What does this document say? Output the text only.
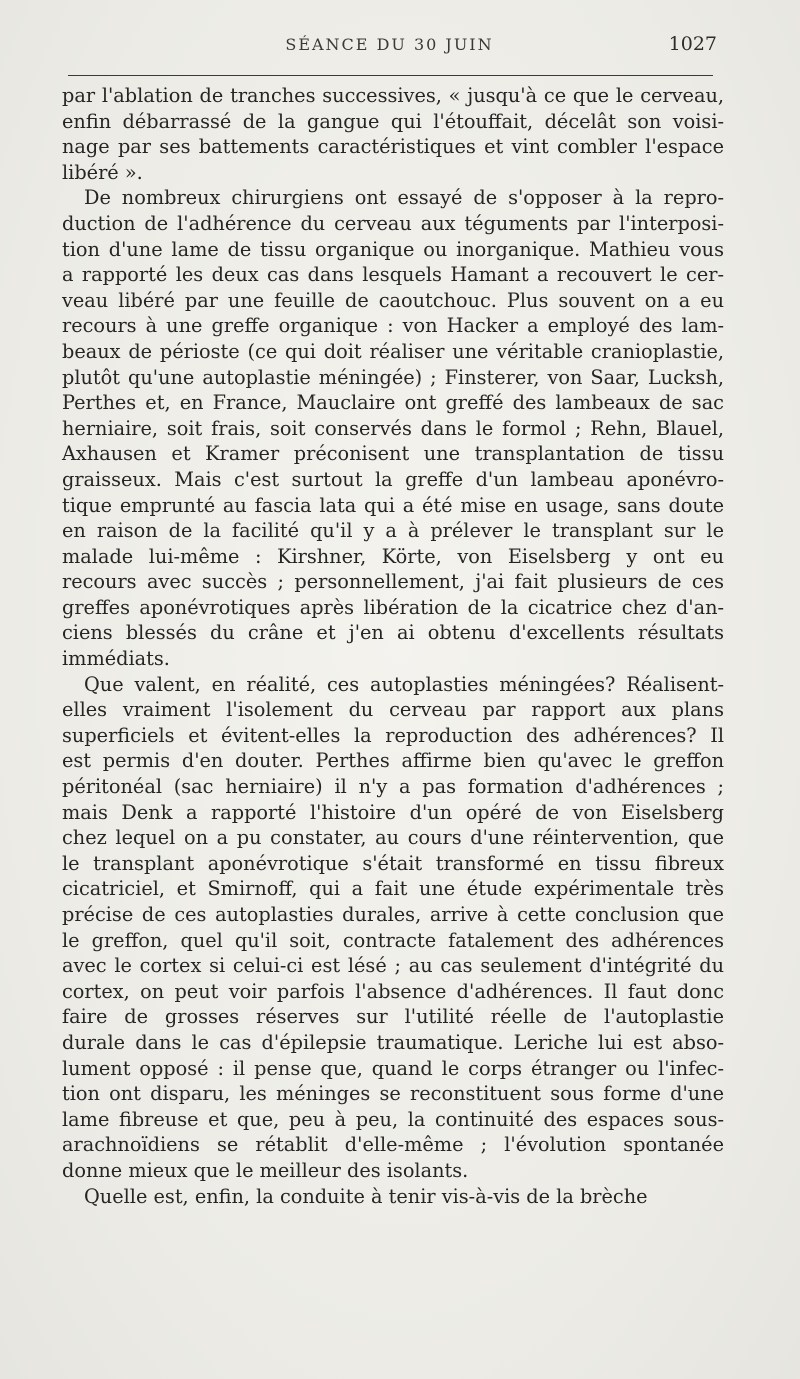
SÉANCE DU 30 JUIN	1027
par l'ablation de tranches successives, « jusqu'à ce que le cerveau,
enfin débarrassé de la gangue qui l'étouffait, décelât son voisi-
nage par ses battements caractéristiques et vint combler l'espace
libéré ».
De nombreux chirurgiens ont essayé de s'opposer à la repro-
duction de l'adhérence du cerveau aux téguments par l'interposi-
tion d'une lame de tissu organique ou inorganique. Mathieu vous
a rapporté les deux cas dans lesquels Hamant a recouvert le cer-
veau libéré par une feuille de caoutchouc. Plus souvent on a eu
recours à une greffe organique : von Hacker a employé des lam-
beaux de périoste (ce qui doit réaliser une véritable cranioplastie,
plutôt qu'une autoplastie méningée) ; Finsterer, von Saar, Lucksh,
Perthes et, en France, Mauclaire ont greffé des lambeaux de sac
herniaire, soit frais, soit conservés dans le formol ; Rehn, Blauel,
Axhausen et Kramer préconisent une transplantation de tissu
graisseux. Mais c'est surtout la greffe d'un lambeau aponévro-
tique emprunté au fascia lata qui a été mise en usage, sans doute
en raison de la facilité qu'il y a à prélever le transplant sur le
malade lui-même : Kirshner, Körte, von Eiselsberg y ont eu
recours avec succès ; personnellement, j'ai fait plusieurs de ces
greffes aponévrotiques après libération de la cicatrice chez d'an-
ciens blessés du crâne et j'en ai obtenu d'excellents résultats
immédiats.
Que valent, en réalité, ces autoplasties méningées? Réalisent-
elles vraiment l'isolement du cerveau par rapport aux plans
superficiels et évitent-elles la reproduction des adhérences? Il
est permis d'en douter. Perthes affirme bien qu'avec le greffon
péritonéal (sac herniaire) il n'y a pas formation d'adhérences ;
mais Denk a rapporté l'histoire d'un opéré de von Eiselsberg
chez lequel on a pu constater, au cours d'une réintervention, que
le transplant aponévrotique s'était transformé en tissu fibreux
cicatriciel, et Smirnoff, qui a fait une étude expérimentale très
précise de ces autoplasties durales, arrive à cette conclusion que
le greffon, quel qu'il soit, contracte fatalement des adhérences
avec le cortex si celui-ci est lésé ; au cas seulement d'intégrité du
cortex, on peut voir parfois l'absence d'adhérences. Il faut donc
faire de grosses réserves sur l'utilité réelle de l'autoplastie
durale dans le cas d'épilepsie traumatique. Leriche lui est abso-
lument opposé : il pense que, quand le corps étranger ou l'infec-
tion ont disparu, les méninges se reconstituent sous forme d'une
lame fibreuse et que, peu à peu, la continuité des espaces sous-
arachnoïdiens se rétablit d'elle-même ; l'évolution spontanée
donne mieux que le meilleur des isolants.
Quelle est, enfin, la conduite à tenir vis-à-vis de la brèche
